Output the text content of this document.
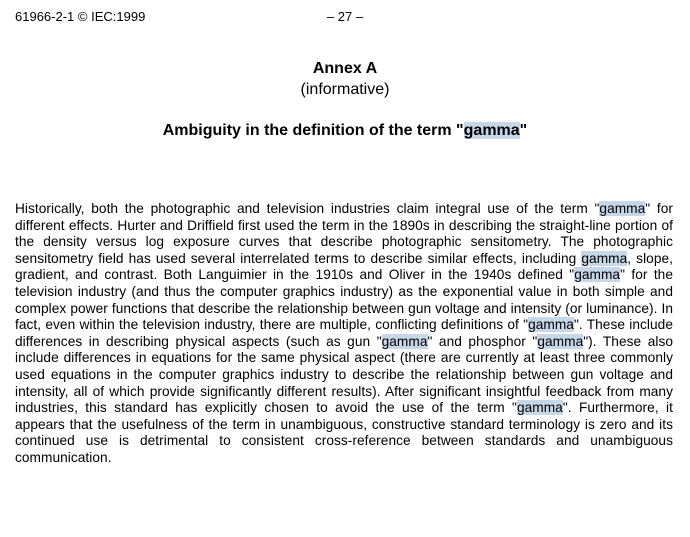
61966-2-1 © IEC:1999	– 27 –
Annex A
(informative)
Ambiguity in the definition of the term "gamma"
Historically, both the photographic and television industries claim integral use of the term "gamma" for different effects. Hurter and Driffield first used the term in the 1890s in describing the straight-line portion of the density versus log exposure curves that describe photographic sensitometry. The photographic sensitometry field has used several interrelated terms to describe similar effects, including gamma, slope, gradient, and contrast. Both Languimier in the 1910s and Oliver in the 1940s defined "gamma" for the television industry (and thus the computer graphics industry) as the exponential value in both simple and complex power functions that describe the relationship between gun voltage and intensity (or luminance). In fact, even within the television industry, there are multiple, conflicting definitions of "gamma". These include differences in describing physical aspects (such as gun "gamma" and phosphor "gamma"). These also include differences in equations for the same physical aspect (there are currently at least three commonly used equations in the computer graphics industry to describe the relationship between gun voltage and intensity, all of which provide significantly different results). After significant insightful feedback from many industries, this standard has explicitly chosen to avoid the use of the term "gamma". Furthermore, it appears that the usefulness of the term in unambiguous, constructive standard terminology is zero and its continued use is detrimental to consistent cross-reference between standards and unambiguous communication.
